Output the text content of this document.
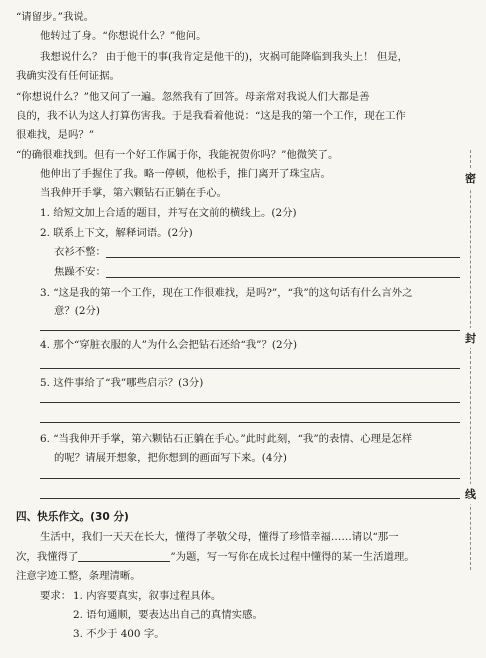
“请留步。”我说。
他转过了身。“你想说什么？”他问。
我想说什么？ 由于他干的事(我肯定是他干的)，灾祸可能降临到我头上！ 但是，
我确实没有任何证据。
“你想说什么？”他又问了一遍。忽然我有了回答。母亲常对我说人们大都是善
良的，我不认为这人打算伤害我。于是我看着他说：“这是我的第一个工作，现在工作
很难找，是吗？”
“的确很难找到。但有一个好工作属于你，我能祝贺你吗？”他微笑了。
他伸出了手握住了我。略一停顿，他松手，推门离开了珠宝店。
当我伸开手掌，第六颗钻石正躺在手心。
1. 给短文加上合适的题目，并写在文前的横线上。(2分)
2. 联系上下文，解释词语。(2分)
衣衫不整：
焦躁不安：
3. “这是我的第一个工作，现在工作很难找，是吗?”，“我”的这句话有什么言外之
意？(2分)
4. 那个“穿脏衣服的人”为什么会把钻石还给“我”？(2分)
5. 这件事给了“我”哪些启示？(3分)
6. “当我伸开手掌，第六颗钻石正躺在手心。”此时此刻，“我”的表情、心理是怎样
的呢？请展开想象，把你想到的画面写下来。(4分)
四、快乐作文。(30 分)
生活中，我们一天天在长大，懂得了孝敬父母，懂得了珍惜幸福……请以“那一
次，我懂得了	”为题，写一写你在成长过程中懂得的某一生活道理。
注意字迹工整，条理清晰。
要求： 1. 内容要真实，叙事过程具体。
2. 语句通顺，要表达出自己的真情实感。
3. 不少于 400 字。
密
封
线
